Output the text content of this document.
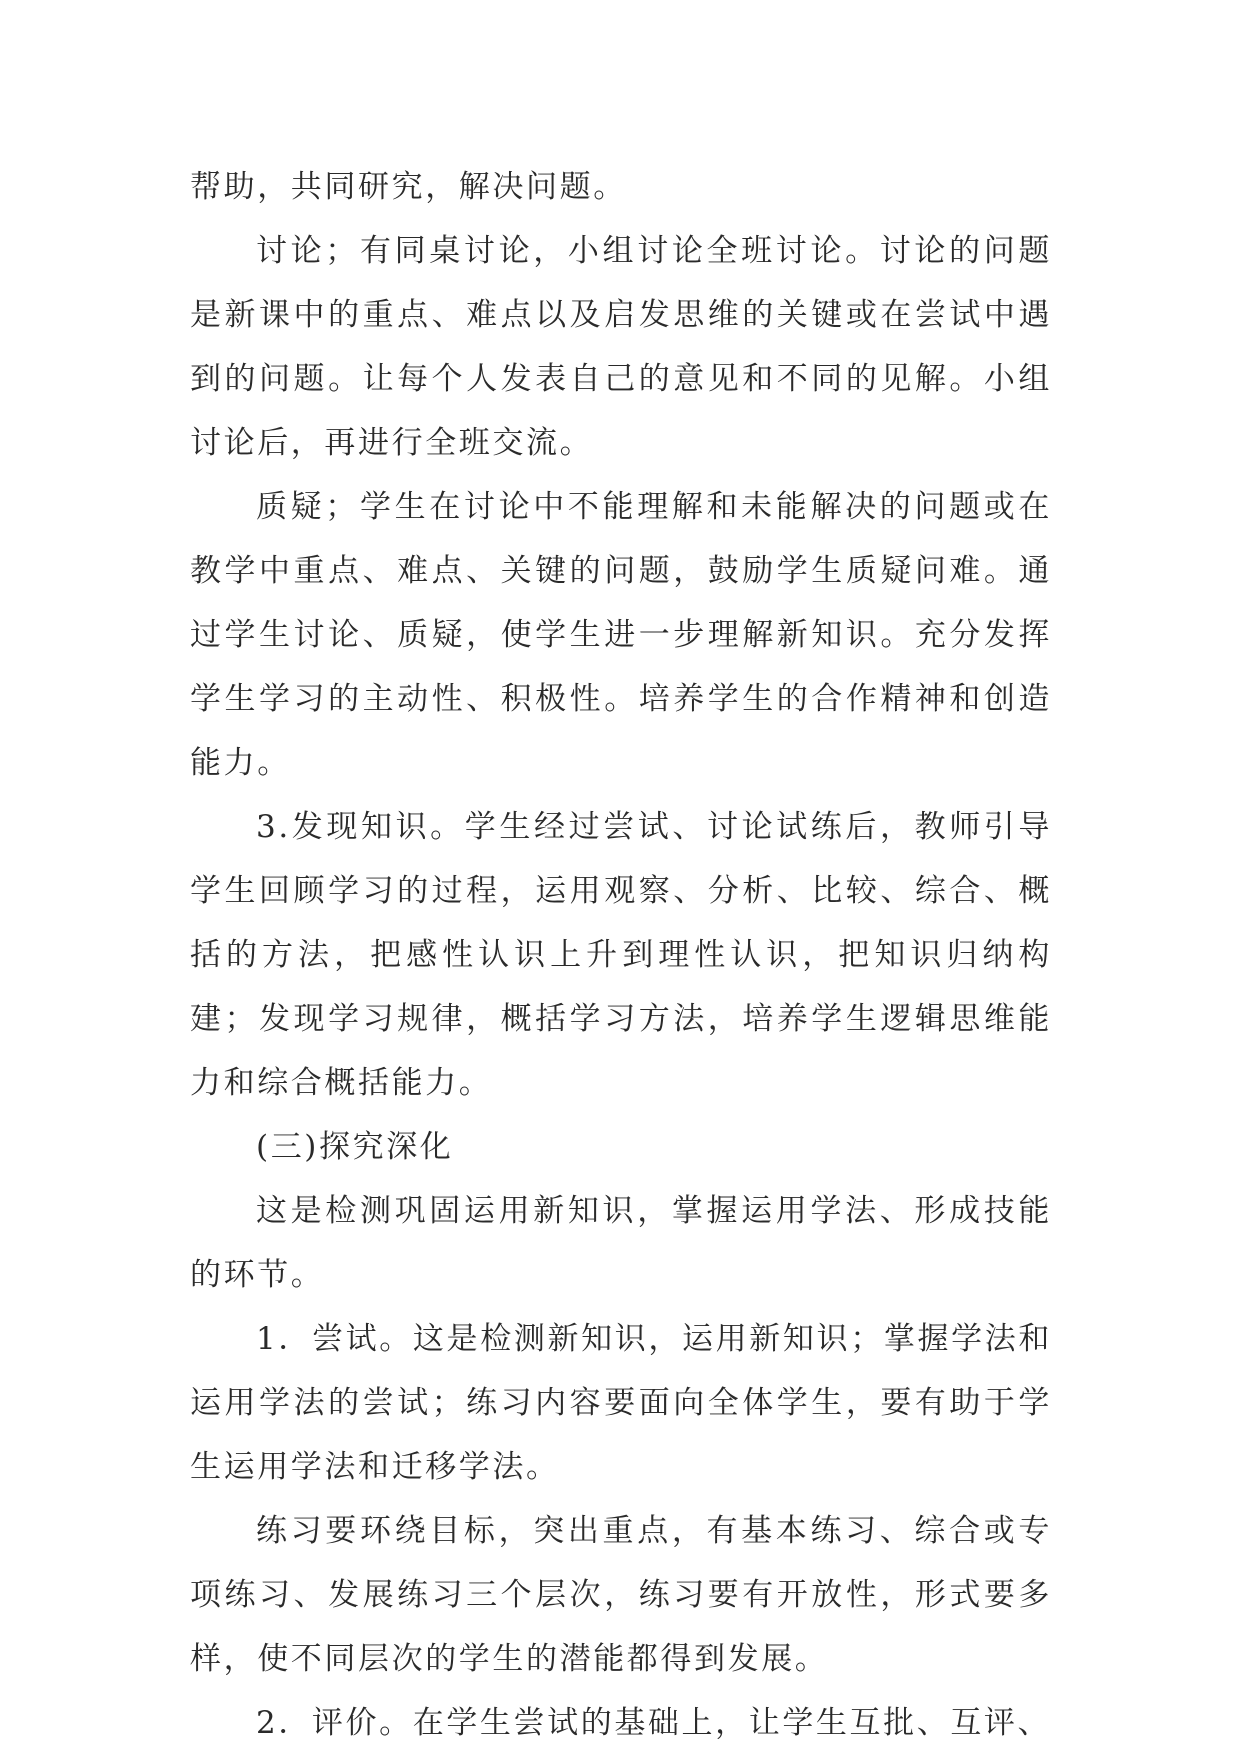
帮助，共同研究，解决问题。

讨论；有同桌讨论，小组讨论全班讨论。讨论的问题是新课中的重点、难点以及启发思维的关键或在尝试中遇到的问题。让每个人发表自己的意见和不同的见解。小组讨论后，再进行全班交流。

质疑；学生在讨论中不能理解和未能解决的问题或在教学中重点、难点、关键的问题，鼓励学生质疑问难。通过学生讨论、质疑，使学生进一步理解新知识。充分发挥学生学习的主动性、积极性。培养学生的合作精神和创造能力。

3.发现知识。学生经过尝试、讨论试练后，教师引导学生回顾学习的过程，运用观察、分析、比较、综合、概括的方法，把感性认识上升到理性认识，把知识归纳构建；发现学习规律，概括学习方法，培养学生逻辑思维能力和综合概括能力。

(三)探究深化

这是检测巩固运用新知识，掌握运用学法、形成技能的环节。

1．尝试。这是检测新知识，运用新知识；掌握学法和运用学法的尝试；练习内容要面向全体学生，要有助于学生运用学法和迁移学法。

练习要环绕目标，突出重点，有基本练习、综合或专项练习、发展练习三个层次，练习要有开放性，形式要多样，使不同层次的学生的潜能都得到发展。

2．评价。在学生尝试的基础上，让学生互批、互评、
